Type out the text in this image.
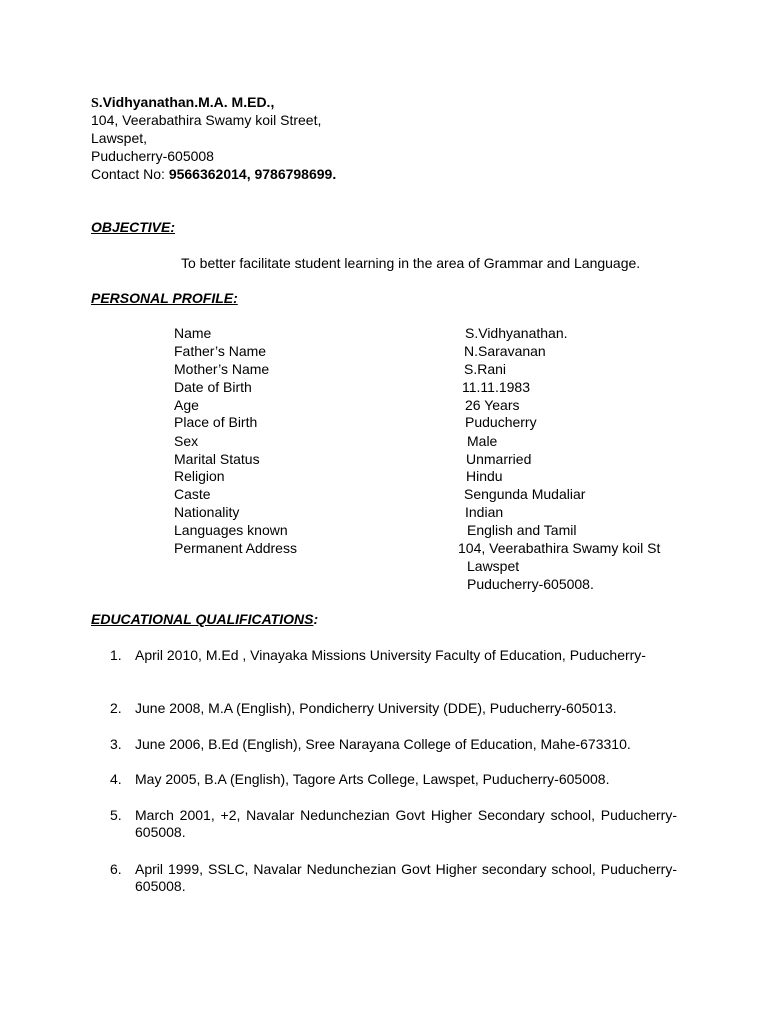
S.Vidhyanathan.M.A. M.ED.,
104, Veerabathira Swamy koil Street,
Lawspet,
Puducherry-605008
Contact No: 9566362014, 9786798699.
OBJECTIVE:
To better facilitate student learning in the area of Grammar and Language.
PERSONAL PROFILE:
Name	S.Vidhyanathan.
Father’s Name	N.Saravanan
Mother’s Name	S.Rani
Date of Birth	11.11.1983
Age	26 Years
Place of Birth	Puducherry
Sex	Male
Marital Status	Unmarried
Religion	Hindu
Caste	Sengunda Mudaliar
Nationality	Indian
Languages known	English and Tamil
Permanent Address	104, Veerabathira Swamy koil St
Lawspet
Puducherry-605008.
EDUCATIONAL QUALIFICATIONS:
1. April 2010, M.Ed , Vinayaka Missions University Faculty of Education, Puducherry-
2. June 2008, M.A (English), Pondicherry University (DDE), Puducherry-605013.
3. June 2006, B.Ed (English), Sree Narayana College of Education, Mahe-673310.
4. May 2005, B.A (English), Tagore Arts College, Lawspet, Puducherry-605008.
5. March 2001, +2, Navalar Nedunchezian Govt Higher Secondary school, Puducherry-605008.
6. April 1999, SSLC, Navalar Nedunchezian Govt Higher secondary school, Puducherry-605008.
